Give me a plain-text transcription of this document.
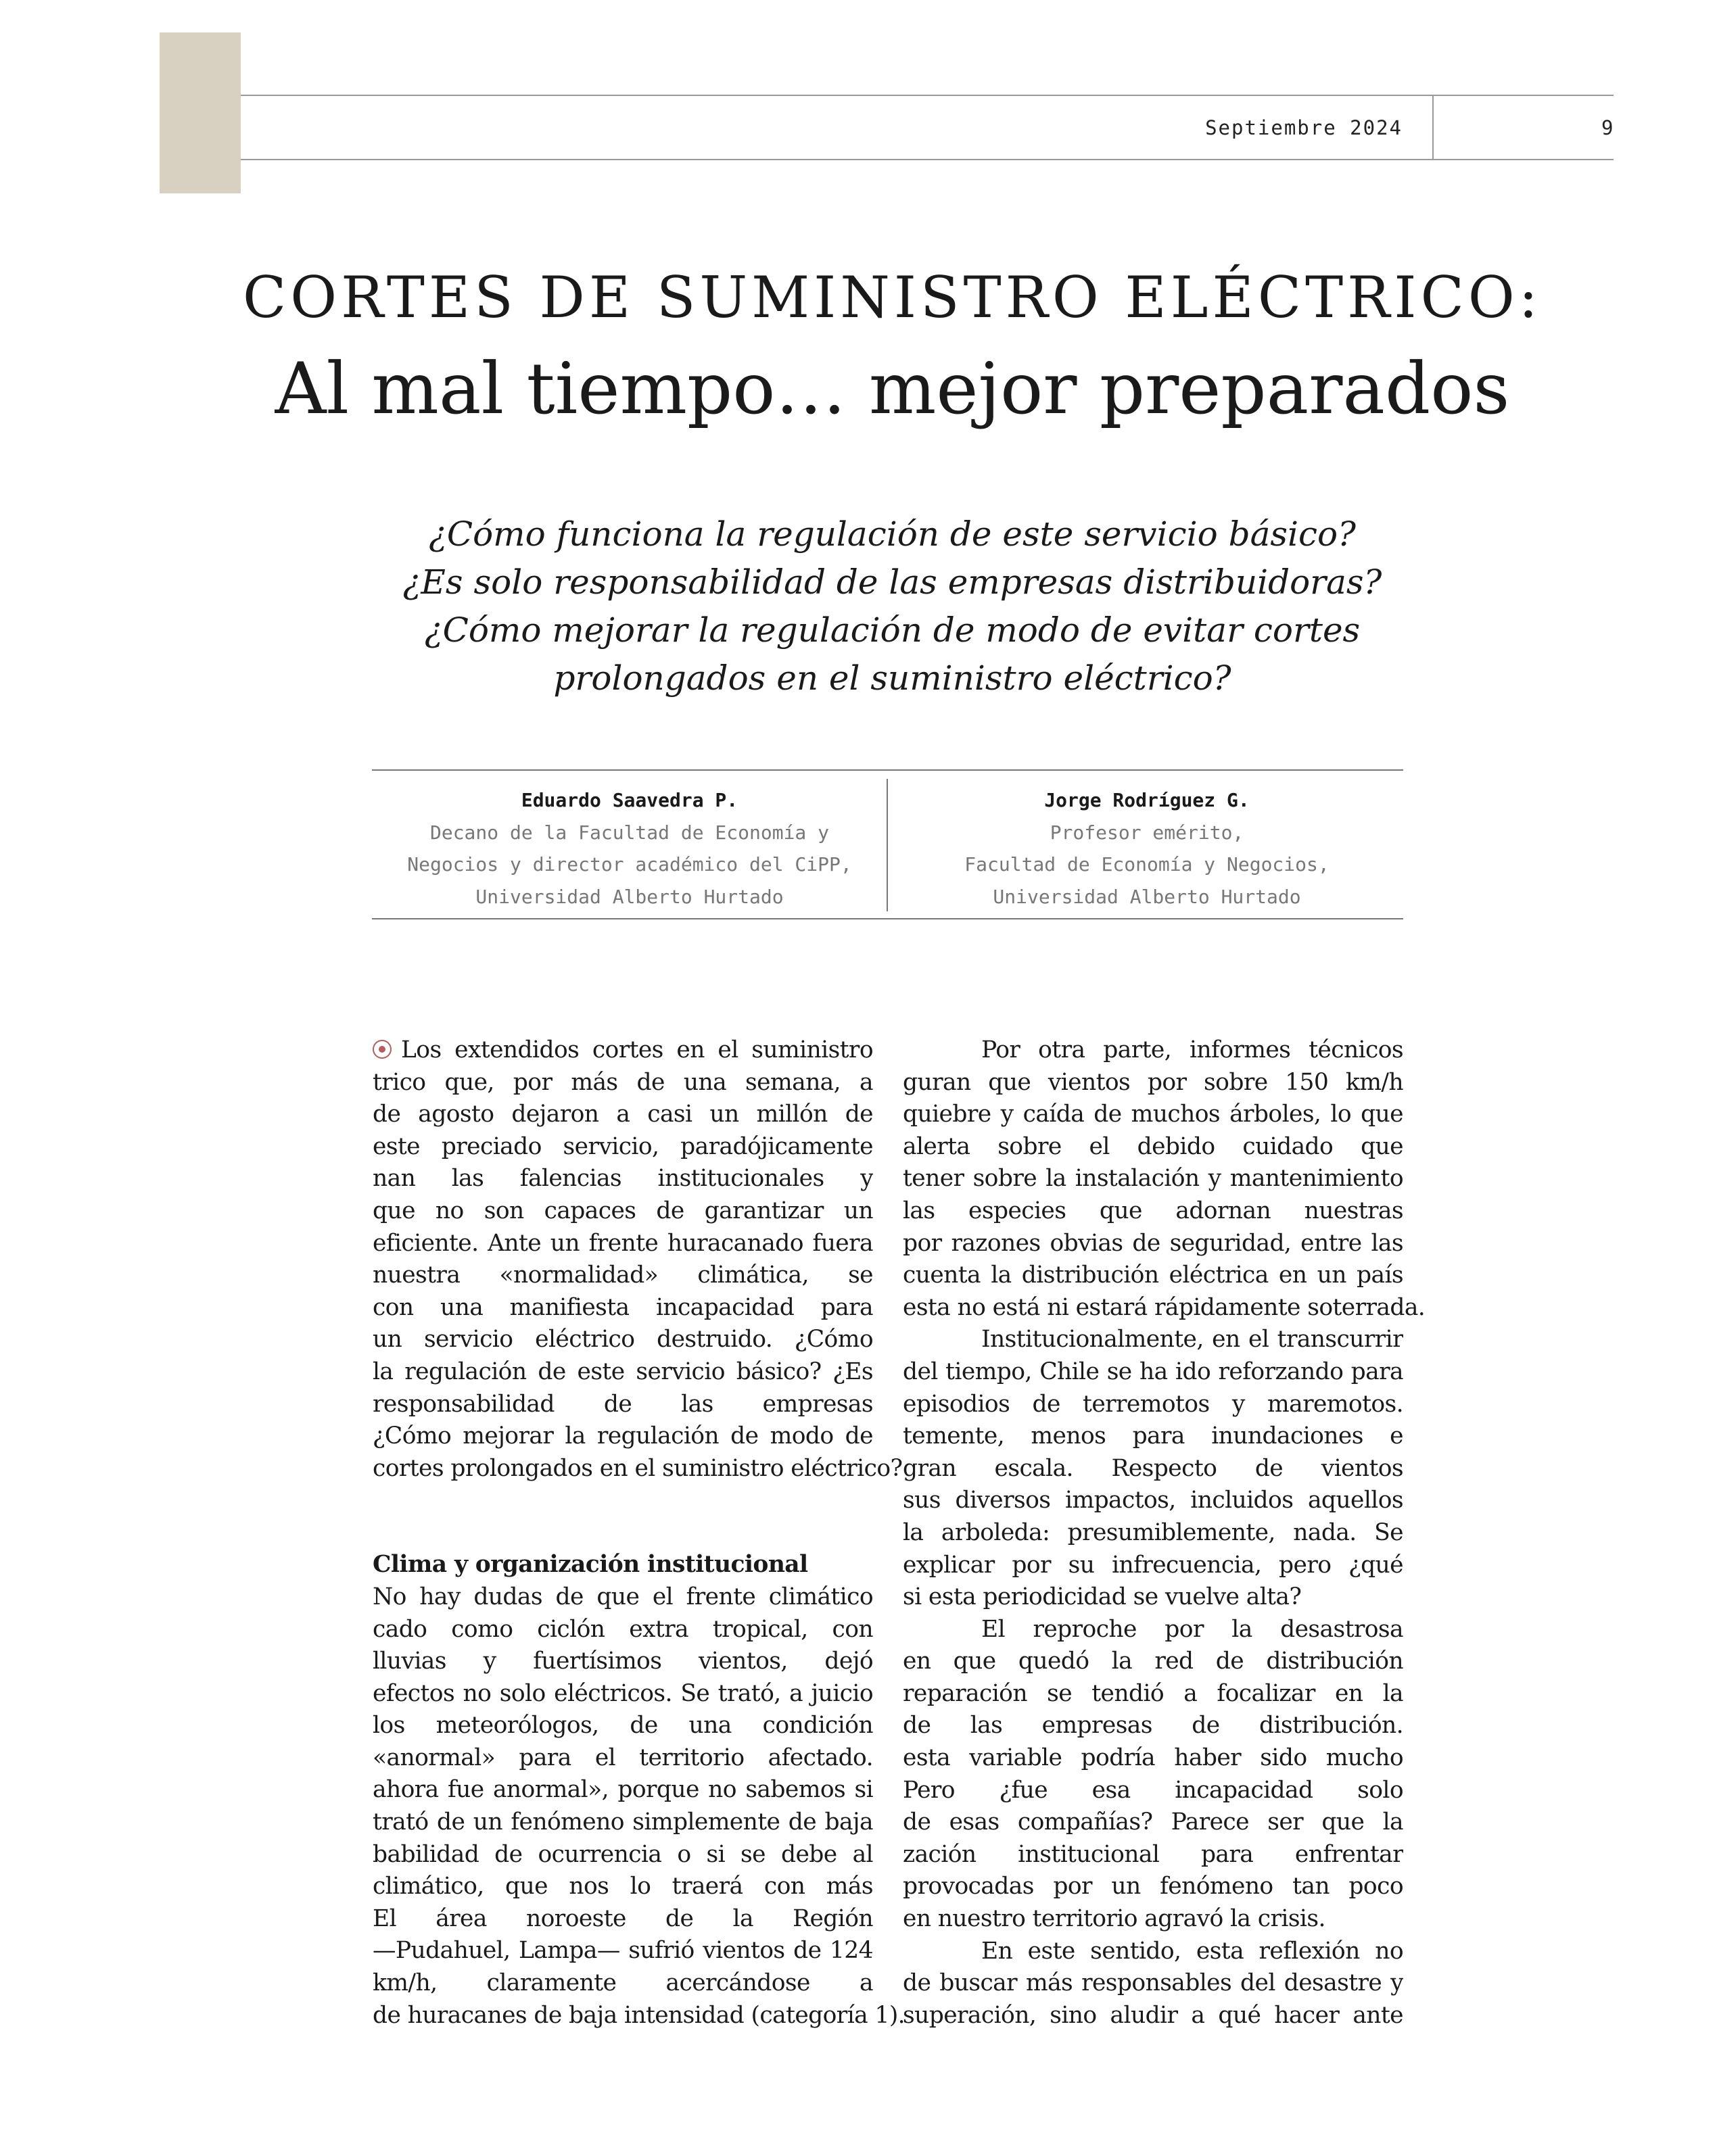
Septiembre 2024	9
CORTES DE SUMINISTRO ELÉCTRICO:
Al mal tiempo… mejor preparados
¿Cómo funciona la regulación de este servicio básico?
¿Es solo responsabilidad de las empresas distribuidoras?
¿Cómo mejorar la regulación de modo de evitar cortes
prolongados en el suministro eléctrico?
Eduardo Saavedra P.
Decano de la Facultad de Economía y
Negocios y director académico del CiPP,
Universidad Alberto Hurtado
Jorge Rodríguez G.
Profesor emérito,
Facultad de Economía y Negocios,
Universidad Alberto Hurtado
Los extendidos cortes en el suministro
trico que, por más de una semana, a
de agosto dejaron a casi un millón de
este preciado servicio, paradójicamente
nan las falencias institucionales y
que no son capaces de garantizar un
eficiente. Ante un frente huracanado fuera
nuestra «normalidad» climática, se
con una manifiesta incapacidad para
un servicio eléctrico destruido. ¿Cómo
la regulación de este servicio básico? ¿Es
responsabilidad de las empresas
¿Cómo mejorar la regulación de modo de
cortes prolongados en el suministro eléctrico?
Clima y organización institucional
No hay dudas de que el frente climático
cado como ciclón extra tropical, con
lluvias y fuertísimos vientos, dejó
efectos no solo eléctricos. Se trató, a juicio
los meteorólogos, de una condición
«anormal» para el territorio afectado.
ahora fue anormal», porque no sabemos si
trató de un fenómeno simplemente de baja
babilidad de ocurrencia o si se debe al
climático, que nos lo traerá con más
El área noroeste de la Región
—Pudahuel, Lampa— sufrió vientos de 124
km/h, claramente acercándose a
de huracanes de baja intensidad (categoría 1).
Por otra parte, informes técnicos
guran que vientos por sobre 150 km/h
quiebre y caída de muchos árboles, lo que
alerta sobre el debido cuidado que
tener sobre la instalación y mantenimiento
las especies que adornan nuestras
por razones obvias de seguridad, entre las
cuenta la distribución eléctrica en un país
esta no está ni estará rápidamente soterrada.
Institucionalmente, en el transcurrir
del tiempo, Chile se ha ido reforzando para
episodios de terremotos y maremotos.
temente, menos para inundaciones e
gran escala. Respecto de vientos
sus diversos impactos, incluidos aquellos
la arboleda: presumiblemente, nada. Se
explicar por su infrecuencia, pero ¿qué
si esta periodicidad se vuelve alta?
El reproche por la desastrosa
en que quedó la red de distribución
reparación se tendió a focalizar en la
de las empresas de distribución.
esta variable podría haber sido mucho
Pero ¿fue esa incapacidad solo
de esas compañías? Parece ser que la
zación institucional para enfrentar
provocadas por un fenómeno tan poco
en nuestro territorio agravó la crisis.
En este sentido, esta reflexión no
de buscar más responsables del desastre y
superación, sino aludir a qué hacer ante
